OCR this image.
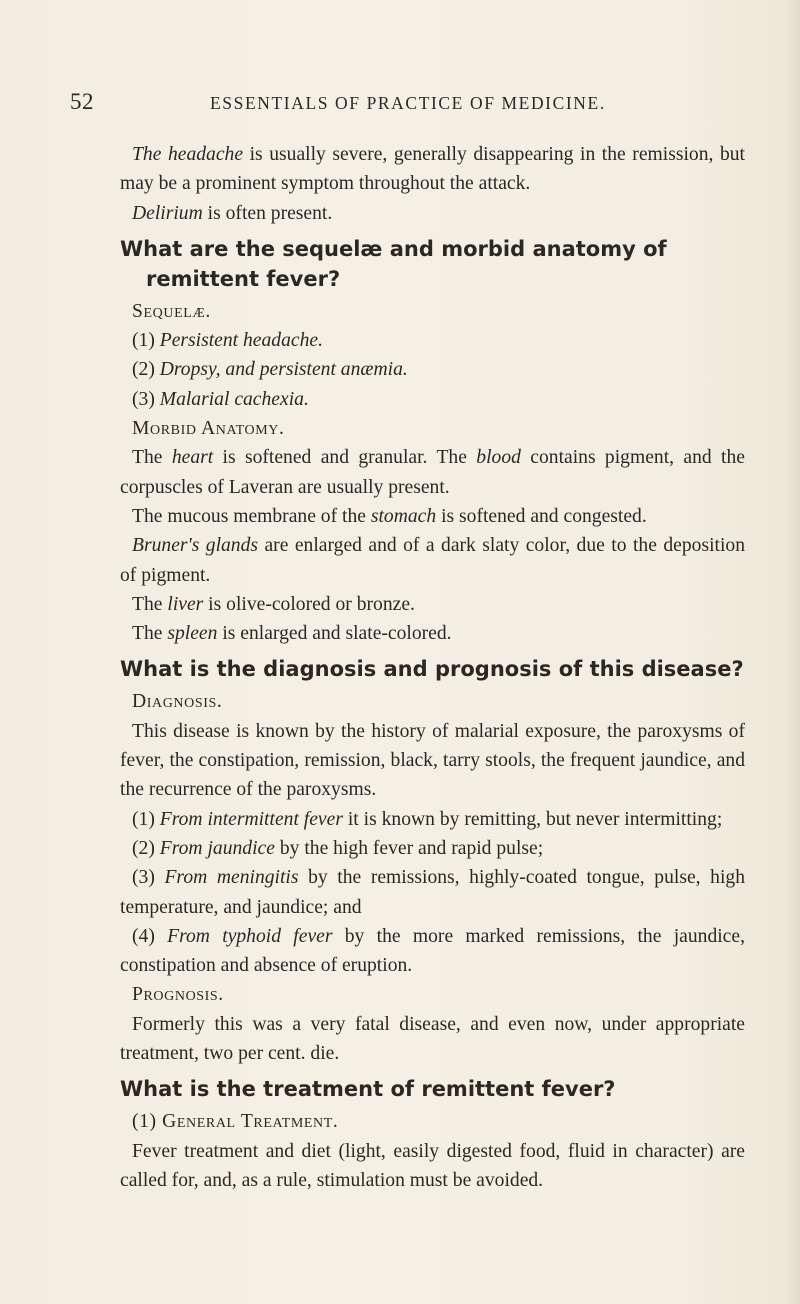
52	ESSENTIALS OF PRACTICE OF MEDICINE.

The headache is usually severe, generally disappearing in the remission, but may be a prominent symptom throughout the attack.

Delirium is often present.

What are the sequelæ and morbid anatomy of remittent fever?

Sequelæ.

(1) Persistent headache.

(2) Dropsy, and persistent anæmia.

(3) Malarial cachexia.

Morbid Anatomy.

The heart is softened and granular. The blood contains pigment, and the corpuscles of Laveran are usually present.

The mucous membrane of the stomach is softened and congested.

Bruner's glands are enlarged and of a dark slaty color, due to the deposition of pigment.

The liver is olive-colored or bronze.

The spleen is enlarged and slate-colored.

What is the diagnosis and prognosis of this disease?

Diagnosis.

This disease is known by the history of malarial exposure, the paroxysms of fever, the constipation, remission, black, tarry stools, the frequent jaundice, and the recurrence of the paroxysms.

(1) From intermittent fever it is known by remitting, but never intermitting;

(2) From jaundice by the high fever and rapid pulse;

(3) From meningitis by the remissions, highly-coated tongue, pulse, high temperature, and jaundice; and

(4) From typhoid fever by the more marked remissions, the jaundice, constipation and absence of eruption.

Prognosis.

Formerly this was a very fatal disease, and even now, under appropriate treatment, two per cent. die.

What is the treatment of remittent fever?

(1) General Treatment.

Fever treatment and diet (light, easily digested food, fluid in character) are called for, and, as a rule, stimulation must be avoided.
